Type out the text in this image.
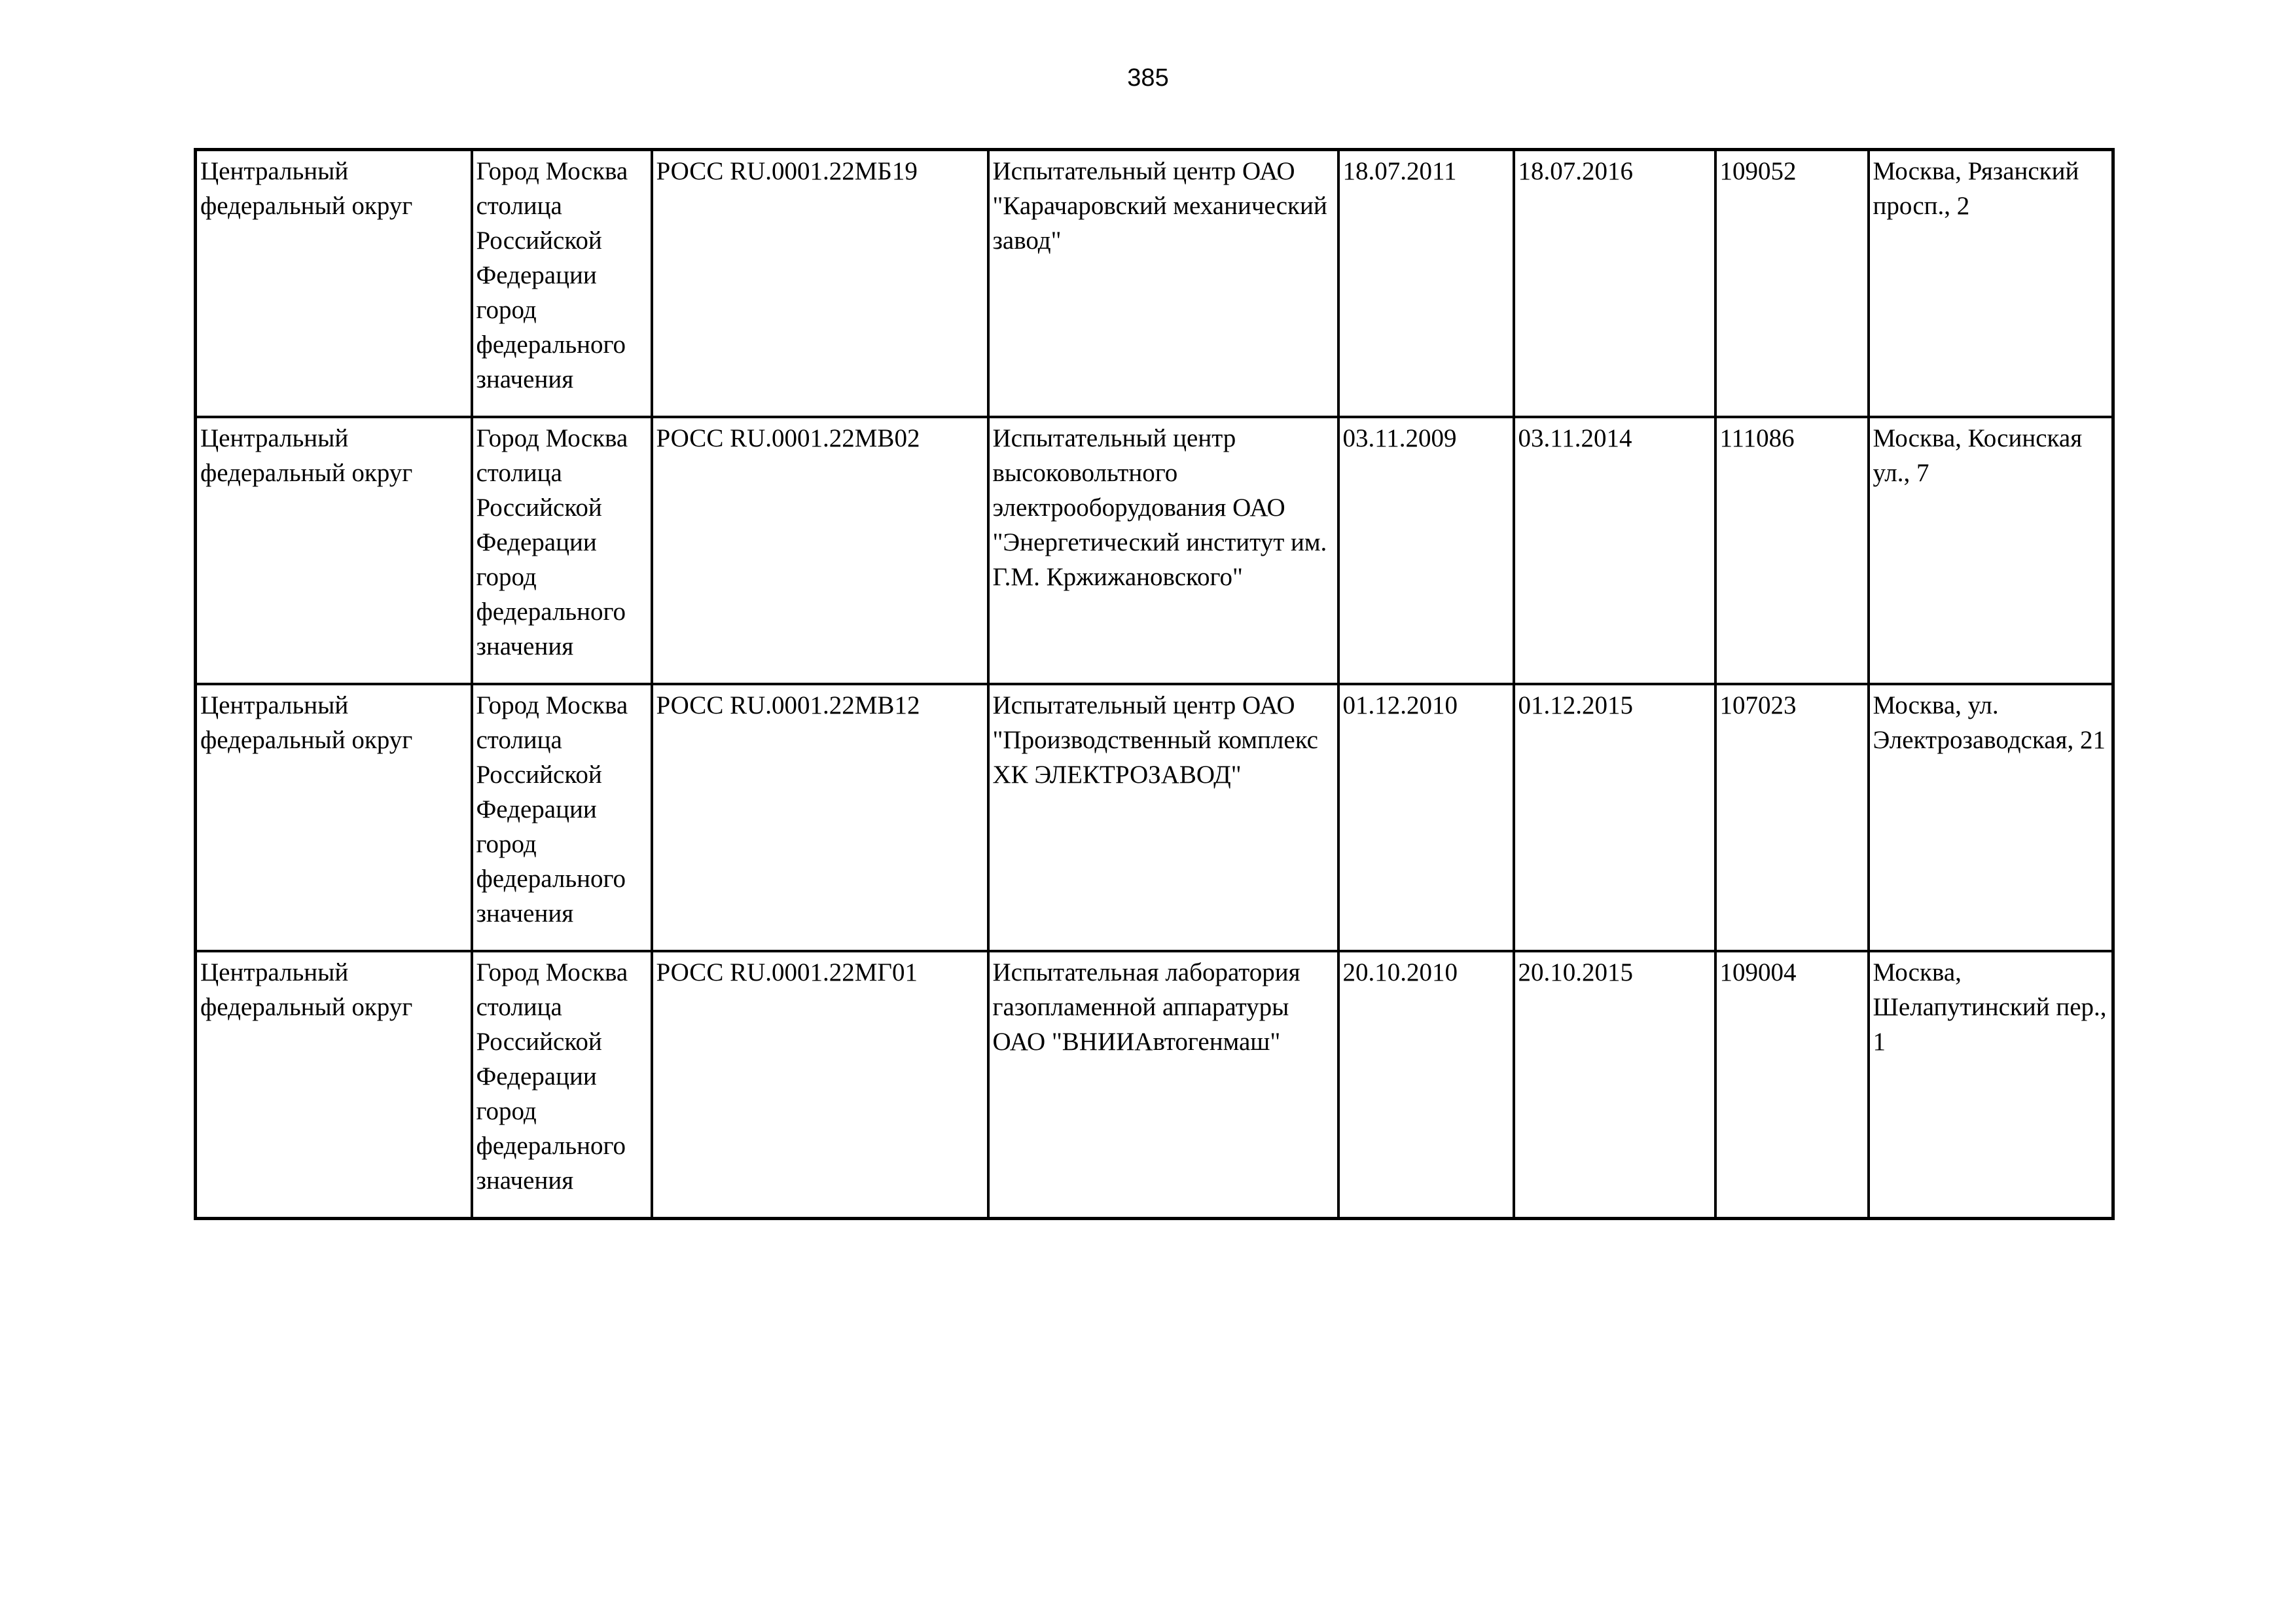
385
Центральный федеральный округ	Город Москва столица Российской Федерации город федерального значения	РОСС RU.0001.22МБ19	Испытательный центр ОАО "Карачаровский механический завод"	18.07.2011	18.07.2016	109052	Москва, Рязанский просп., 2

Центральный федеральный округ	Город Москва столица Российской Федерации город федерального значения	РОСС RU.0001.22МВ02	Испытательный центр высоковольтного электрооборудования ОАО "Энергетический институт им. Г.М. Кржижановского"	03.11.2009	03.11.2014	111086	Москва, Косинская ул., 7

Центральный федеральный округ	Город Москва столица Российской Федерации город федерального значения	РОСС RU.0001.22МВ12	Испытательный центр ОАО "Производственный комплекс ХК ЭЛЕКТРОЗАВОД"	01.12.2010	01.12.2015	107023	Москва, ул. Электрозаводская, 21

Центральный федеральный округ	Город Москва столица Российской Федерации город федерального значения	РОСС RU.0001.22МГ01	Испытательная лаборатория газопламенной аппаратуры ОАО "ВНИИАвтогенмаш"	20.10.2010	20.10.2015	109004	Москва, Шелапутинский пер., 1
